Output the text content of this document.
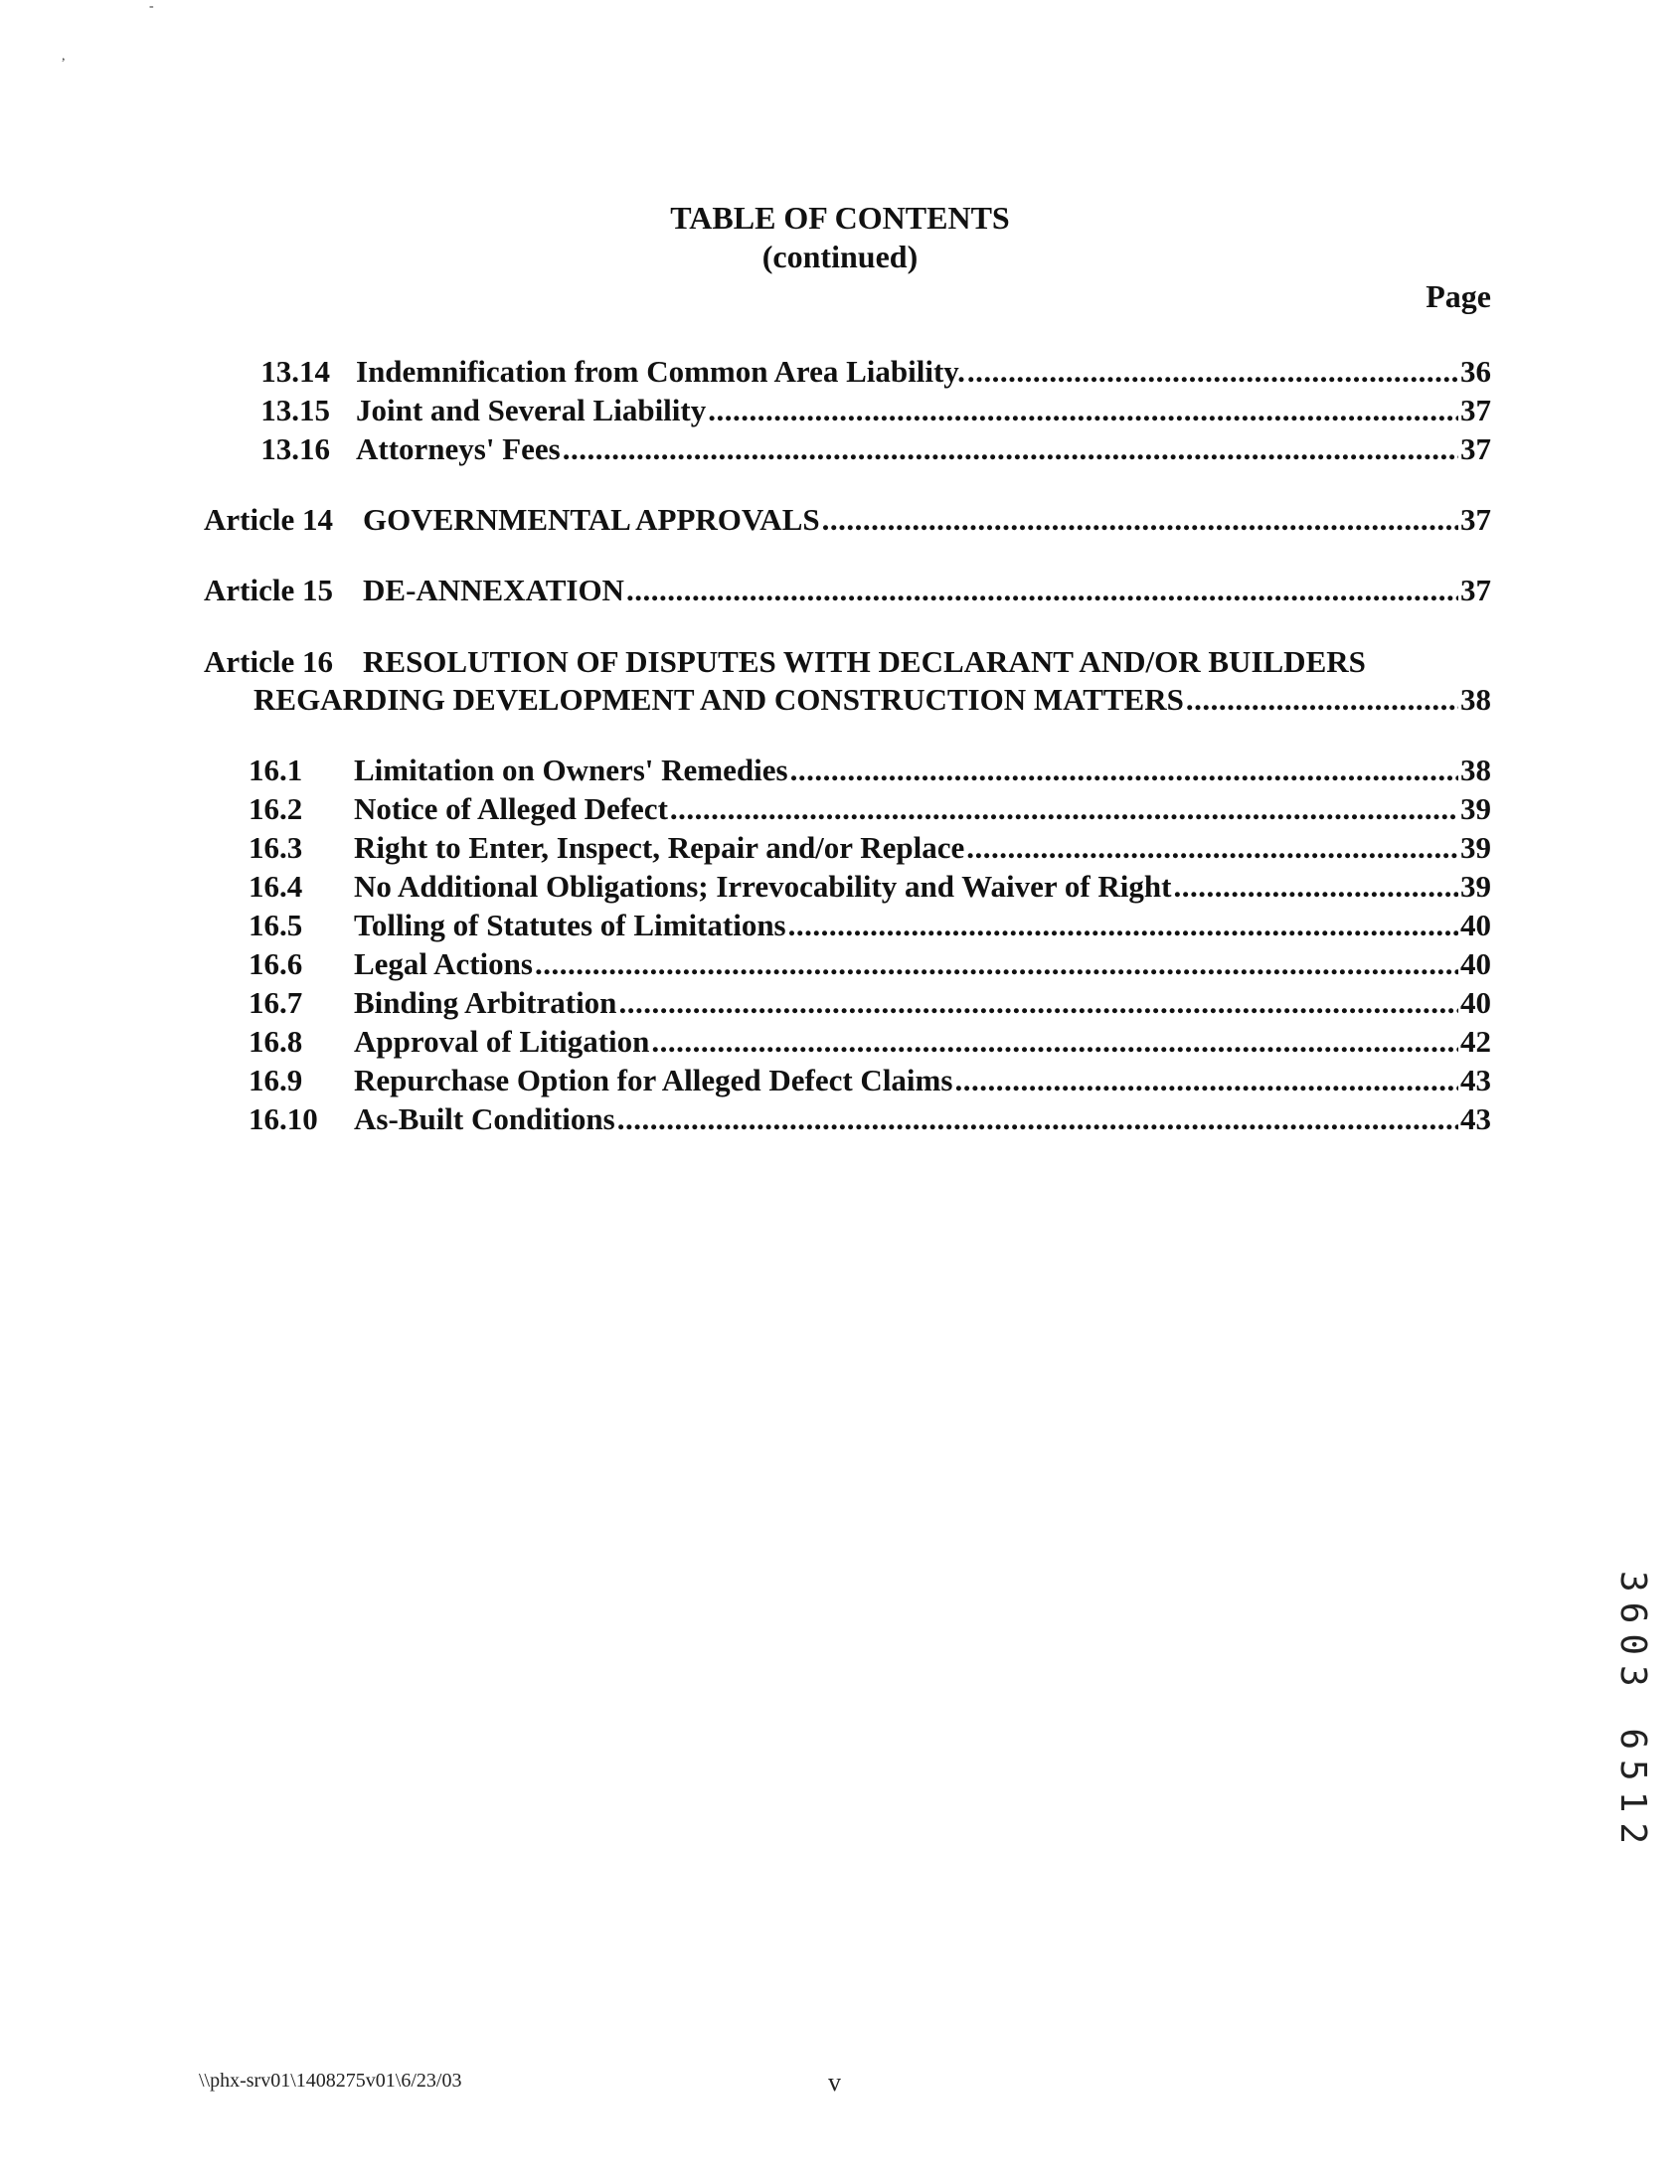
-
,
TABLE OF CONTENTS
(continued)
Page
13.14 Indemnification from Common Area Liability. .....	36
13.15 Joint and Several Liability .....	37
13.16 Attorneys' Fees .....	37
Article 14 GOVERNMENTAL APPROVALS .....	37
Article 15 DE-ANNEXATION .....	37
Article 16 RESOLUTION OF DISPUTES WITH DECLARANT AND/OR BUILDERS
REGARDING DEVELOPMENT AND CONSTRUCTION MATTERS .....	38
16.1 Limitation on Owners' Remedies .....	38
16.2 Notice of Alleged Defect .....	39
16.3 Right to Enter, Inspect, Repair and/or Replace .....	39
16.4 No Additional Obligations; Irrevocability and Waiver of Right .....	39
16.5 Tolling of Statutes of Limitations .....	40
16.6 Legal Actions .....	40
16.7 Binding Arbitration .....	40
16.8 Approval of Litigation .....	42
16.9 Repurchase Option for Alleged Defect Claims .....	43
16.10 As-Built Conditions .....	43
3603 6512
\\phx-srv01\1408275v01\6/23/03	v
